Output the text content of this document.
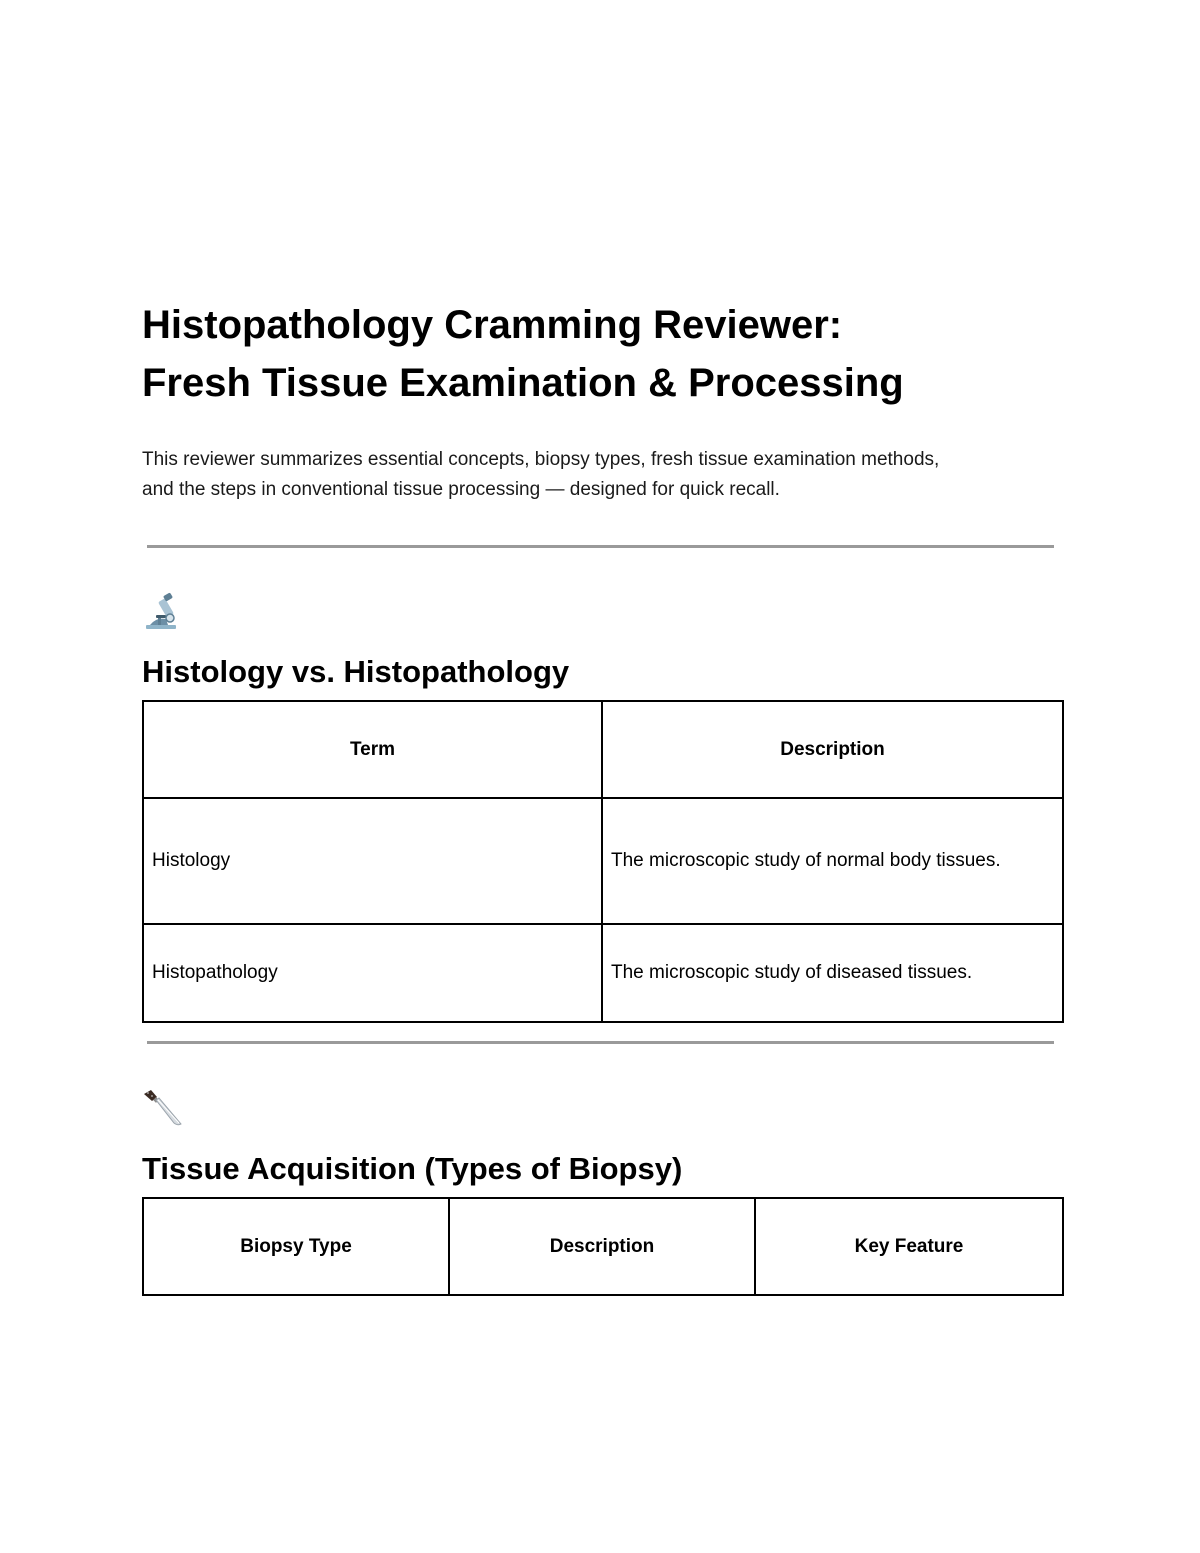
Histopathology Cramming Reviewer:
Fresh Tissue Examination & Processing

This reviewer summarizes essential concepts, biopsy types, fresh tissue examination methods,
and the steps in conventional tissue processing — designed for quick recall.

Histology vs. Histopathology
Term	Description
Histology	The microscopic study of normal body tissues.
Histopathology	The microscopic study of diseased tissues.
Tissue Acquisition (Types of Biopsy)
Biopsy Type	Description	Key Feature
